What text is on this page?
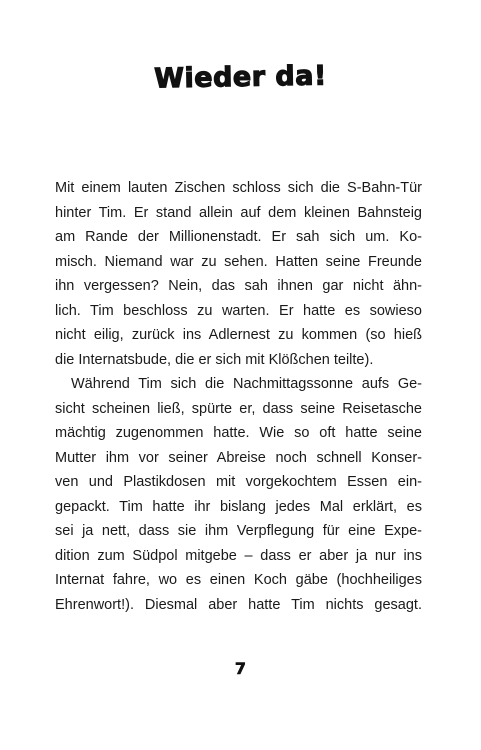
Wieder da!
Mit einem lauten Zischen schloss sich die S-Bahn-Tür
hinter Tim. Er stand allein auf dem kleinen Bahnsteig
am Rande der Millionenstadt. Er sah sich um. Ko-
misch. Niemand war zu sehen. Hatten seine Freunde
ihn vergessen? Nein, das sah ihnen gar nicht ähn-
lich. Tim beschloss zu warten. Er hatte es sowieso
nicht eilig, zurück ins Adlernest zu kommen (so hieß
die Internatsbude, die er sich mit Klößchen teilte).
Während Tim sich die Nachmittagssonne aufs Ge-
sicht scheinen ließ, spürte er, dass seine Reisetasche
mächtig zugenommen hatte. Wie so oft hatte seine
Mutter ihm vor seiner Abreise noch schnell Konser-
ven und Plastikdosen mit vorgekochtem Essen ein-
gepackt. Tim hatte ihr bislang jedes Mal erklärt, es
sei ja nett, dass sie ihm Verpflegung für eine Expe-
dition zum Südpol mitgebe – dass er aber ja nur ins
Internat fahre, wo es einen Koch gäbe (hochheiliges
Ehrenwort!). Diesmal aber hatte Tim nichts gesagt.
7
